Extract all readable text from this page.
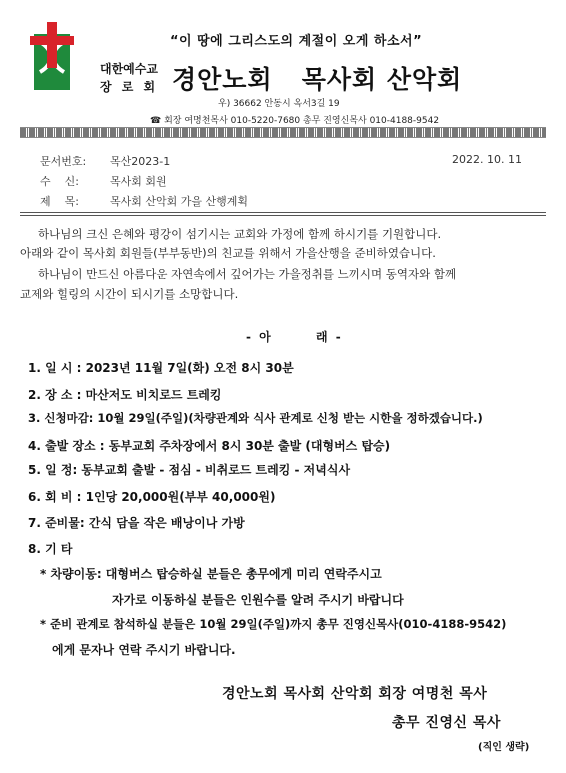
“이 땅에 그리스도의 계절이 오게 하소서”
대한예수교
장 로 회 경안노회   목사회 산악회
우) 36662 안동시 옥서3길 19
☎ 회장 여명천목사 010-5220-7680 총무 진영신목사 010-4188-9542
문서번호: 목산2023-1	2022. 10. 11
수    신:	목사회 회원
제    목:	목사회 산악회 가을 산행계획
하나님의 크신 은혜와 평강이 섬기시는 교회와 가정에 함께 하시기를 기원합니다.
아래와 같이 목사회 회원들(부부동반)의 친교를 위해서 가을산행을 준비하였습니다.
하나님이 만드신 아름다운 자연속에서 깊어가는 가을정취를 느끼시며 동역자와 함께
교제와 힐링의 시간이 되시기를 소망합니다.
- 아       래 -
1. 일 시 : 2023년 11월 7일(화) 오전 8시 30분
2. 장 소 : 마산저도 비치로드 트레킹
3. 신청마감: 10월 29일(주일)(차량관계와 식사 관계로 신청 받는 시한을 정하겠습니다.)
4. 출발 장소 : 동부교회 주차장에서 8시 30분 출발 (대형버스 탑승)
5. 일 정: 동부교회 출발 - 점심 - 비취로드 트레킹 - 저녁식사
6. 회 비 : 1인당 20,000원(부부 40,000원)
7. 준비물: 간식 담을 작은 배낭이나 가방
8. 기 타
* 차량이동: 대형버스 탑승하실 분들은 총무에게 미리 연락주시고
자가로 이동하실 분들은 인원수를 알려 주시기 바랍니다
* 준비 관계로 참석하실 분들은 10월 29일(주일)까지 총무 진영신목사(010-4188-9542)
에게 문자나 연락 주시기 바랍니다.
경안노회 목사회 산악회 회장 여명천 목사
총무 진영신 목사
(직인 생략)
